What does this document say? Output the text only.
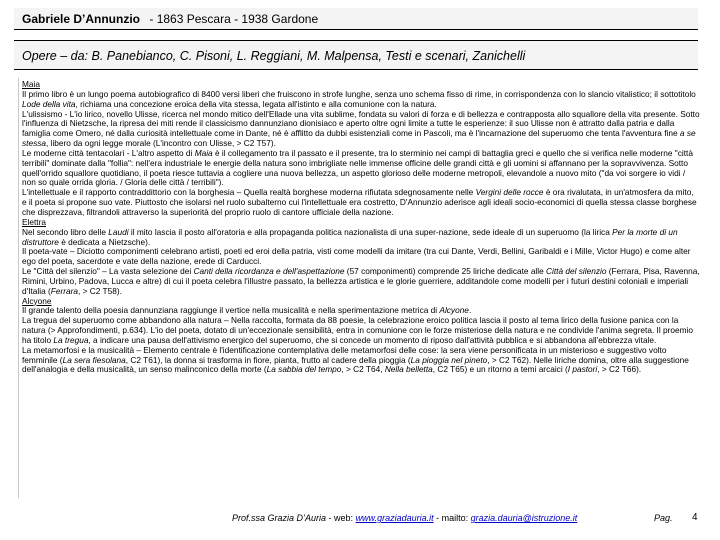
Gabriele D’Annunzio - 1863 Pescara - 1938 Gardone
Opere – da: B. Panebianco, C. Pisoni, L. Reggiani, M. Malpensa, Testi e scenari, Zanichelli

Maia

Il primo libro è un lungo poema autobiografico di 8400 versi liberi che fruiscono in strofe lunghe, senza uno schema fisso di rime, in corrispondenza con lo slancio vitalistico; il sottotitolo Lode della vita, richiama una concezione eroica della vita stessa, legata all'istinto e alla comunione con la natura.

L'ulissismo - L'io lirico, novello Ulisse, ricerca nel mondo mitico dell'Ellade una vita sublime, fondata su valori di forza e di bellezza e contrapposta allo squallore della vita presente. Sotto l'influenza di Nietzsche, la ripresa dei miti rende il classicismo dannunziano dionisiaco e aperto oltre ogni limite a tutte le esperienze: il suo Ulisse non è attratto dalla patria e dalla famiglia come Omero, né dalla curiosità intellettuale come in Dante, né è afflitto da dubbi esistenziali come in Pascoli, ma è l'incarnazione del superuomo che tenta l'avventura fine a se stessa, libero da ogni legge morale (L'incontro con Ulisse, > C2 T57).

Le moderne città tentacolari - L'altro aspetto di Maia è il collegamento tra il passato e il presente, tra lo sterminio nei campi di battaglia greci e quello che si verifica nelle moderne "città terribili" dominate dalla "follia": nell'era industriale le energie della natura sono imbrigliate nelle immense officine delle grandi città e gli uomini si affannano per la sopravvivenza. Sotto quell'orrido squallore quotidiano, il poeta riesce tuttavia a cogliere una nuova bellezza, un aspetto glorioso delle moderne metropoli, elevandole a nuovo mito ("da voi sorgere io vidi / non so quale orrida gloria. / Gloria delle città / terribili").

L'intellettuale e il rapporto contraddittorio con la borghesia – Quella realtà borghese moderna rifiutata sdegnosamente nelle Vergini delle rocce è ora rivalutata, in un'atmosfera da mito, e il poeta si propone suo vate. Piuttosto che isolarsi nel ruolo subalterno cui l'intellettuale era costretto, D'Annunzio aderisce agli ideali socio-economici di quella stessa classe borghese che disprezzava, filtrandoli attraverso la superiorità del proprio ruolo di cantore ufficiale della nazione.

Elettra

Nel secondo libro delle Laudi il mito lascia il posto all'oratoria e alla propaganda politica nazionalista di una super-nazione, sede ideale di un superuomo (la lirica Per la morte di un distruttore è dedicata a Nietzsche).

Il poeta-vate – Diciotto componimenti celebrano artisti, poeti ed eroi della patria, visti come modelli da imitare (tra cui Dante, Verdi, Bellini, Garibaldi e i Mille, Victor Hugo) e come alter ego del poeta, sacerdote e vate della nazione, erede di Carducci.

Le "Città del silenzio" – La vasta selezione dei Canti della ricordanza e dell'aspettazione (57 componimenti) comprende 25 liriche dedicate alle Città del silenzio (Ferrara, Pisa, Ravenna, Rimini, Urbino, Padova, Lucca e altre) di cui il poeta celebra l'illustre passato, la bellezza artistica e le glorie guerriere, additandole come modelli per i futuri destini coloniali e imperiali d'Italia (Ferrara, > C2 T58).

Alcyone

Il grande talento della poesia dannunziana raggiunge il vertice nella musicalità e nella sperimentazione metrica di Alcyone.

La tregua del superuomo come abbandono alla natura – Nella raccolta, formata da 88 poesie, la celebrazione eroico politica lascia il posto al tema lirico della fusione panica con la natura (> Approfondimenti, p.634). L'io del poeta, dotato di un'eccezionale sensibilità, entra in comunione con le forze misteriose della natura e ne condivide l'anima segreta. Il proemio ha titolo La tregua, a indicare una pausa dell'attivismo energico del superuomo, che si concede un momento di riposo dall'attività pubblica e si abbandona all'ebbrezza vitale.

La metamorfosi e la musicalità – Elemento centrale è l'identificazione contemplativa delle metamorfosi delle cose: la sera viene personificata in un misterioso e suggestivo volto femminile (La sera fiesolana, C2 T61), la donna si trasforma in fiore, pianta, frutto al cadere della pioggia (La pioggia nel pineto, > C2 T62). Nelle liriche domina, oltre alla suggestione dell'analogia e della musicalità, un senso malinconico della morte (La sabbia del tempo, > C2 T64, Nella belletta, C2 T65) e un ritorno a temi arcaici (I pastori, > C2 T66).

Prof.ssa Grazia D’Auria - web: www.graziadauria.it - mailto: grazia.dauria@istruzione.it	Pag. 4
